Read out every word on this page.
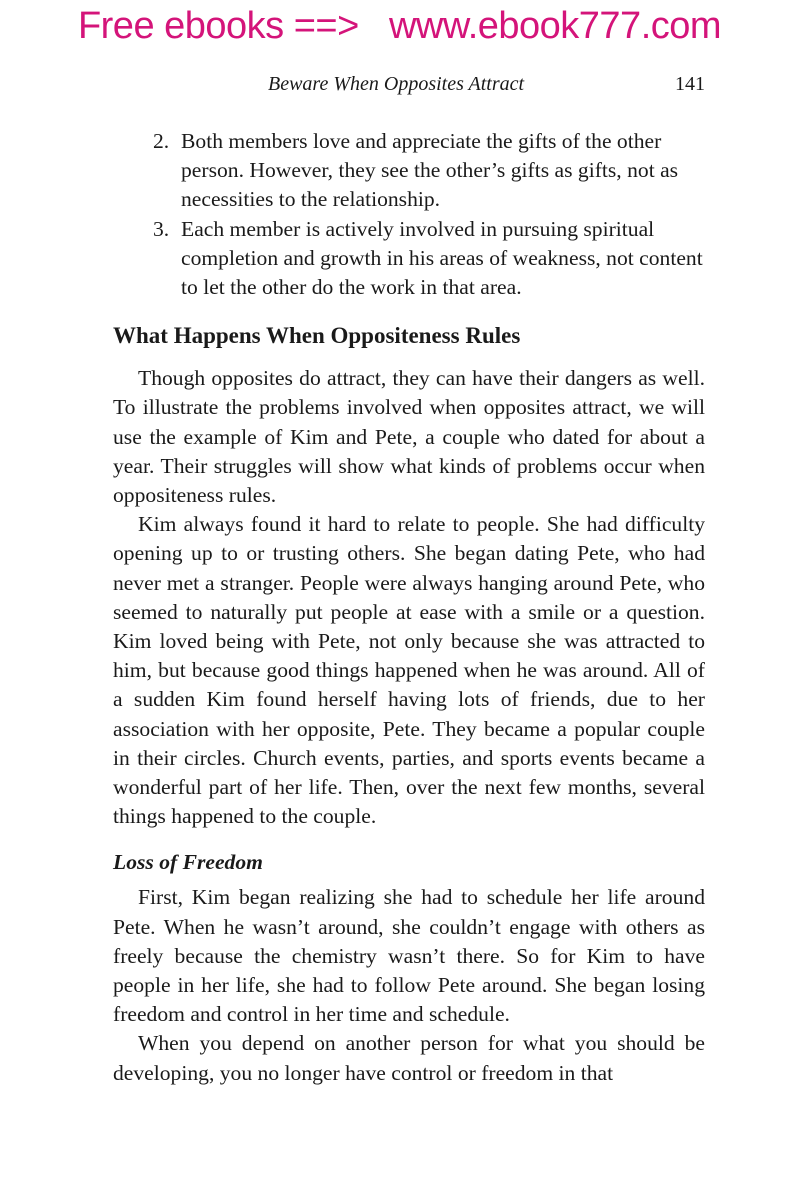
Free ebooks ==>   www.ebook777.com
Beware When Opposites Attract	141
2. Both members love and appreciate the gifts of the other person. However, they see the other’s gifts as gifts, not as necessities to the relationship.
3. Each member is actively involved in pursuing spiritual completion and growth in his areas of weakness, not content to let the other do the work in that area.
What Happens When Oppositeness Rules

Though opposites do attract, they can have their dangers as well. To illustrate the problems involved when opposites attract, we will use the example of Kim and Pete, a couple who dated for about a year. Their struggles will show what kinds of problems occur when oppositeness rules.

Kim always found it hard to relate to people. She had difficulty opening up to or trusting others. She began dating Pete, who had never met a stranger. People were always hanging around Pete, who seemed to naturally put people at ease with a smile or a question. Kim loved being with Pete, not only because she was attracted to him, but because good things happened when he was around. All of a sudden Kim found herself having lots of friends, due to her association with her opposite, Pete. They became a popular couple in their circles. Church events, parties, and sports events became a wonderful part of her life. Then, over the next few months, several things happened to the couple.

Loss of Freedom

First, Kim began realizing she had to schedule her life around Pete. When he wasn’t around, she couldn’t engage with others as freely because the chemistry wasn’t there. So for Kim to have people in her life, she had to follow Pete around. She began losing freedom and control in her time and schedule.

When you depend on another person for what you should be developing, you no longer have control or freedom in that
